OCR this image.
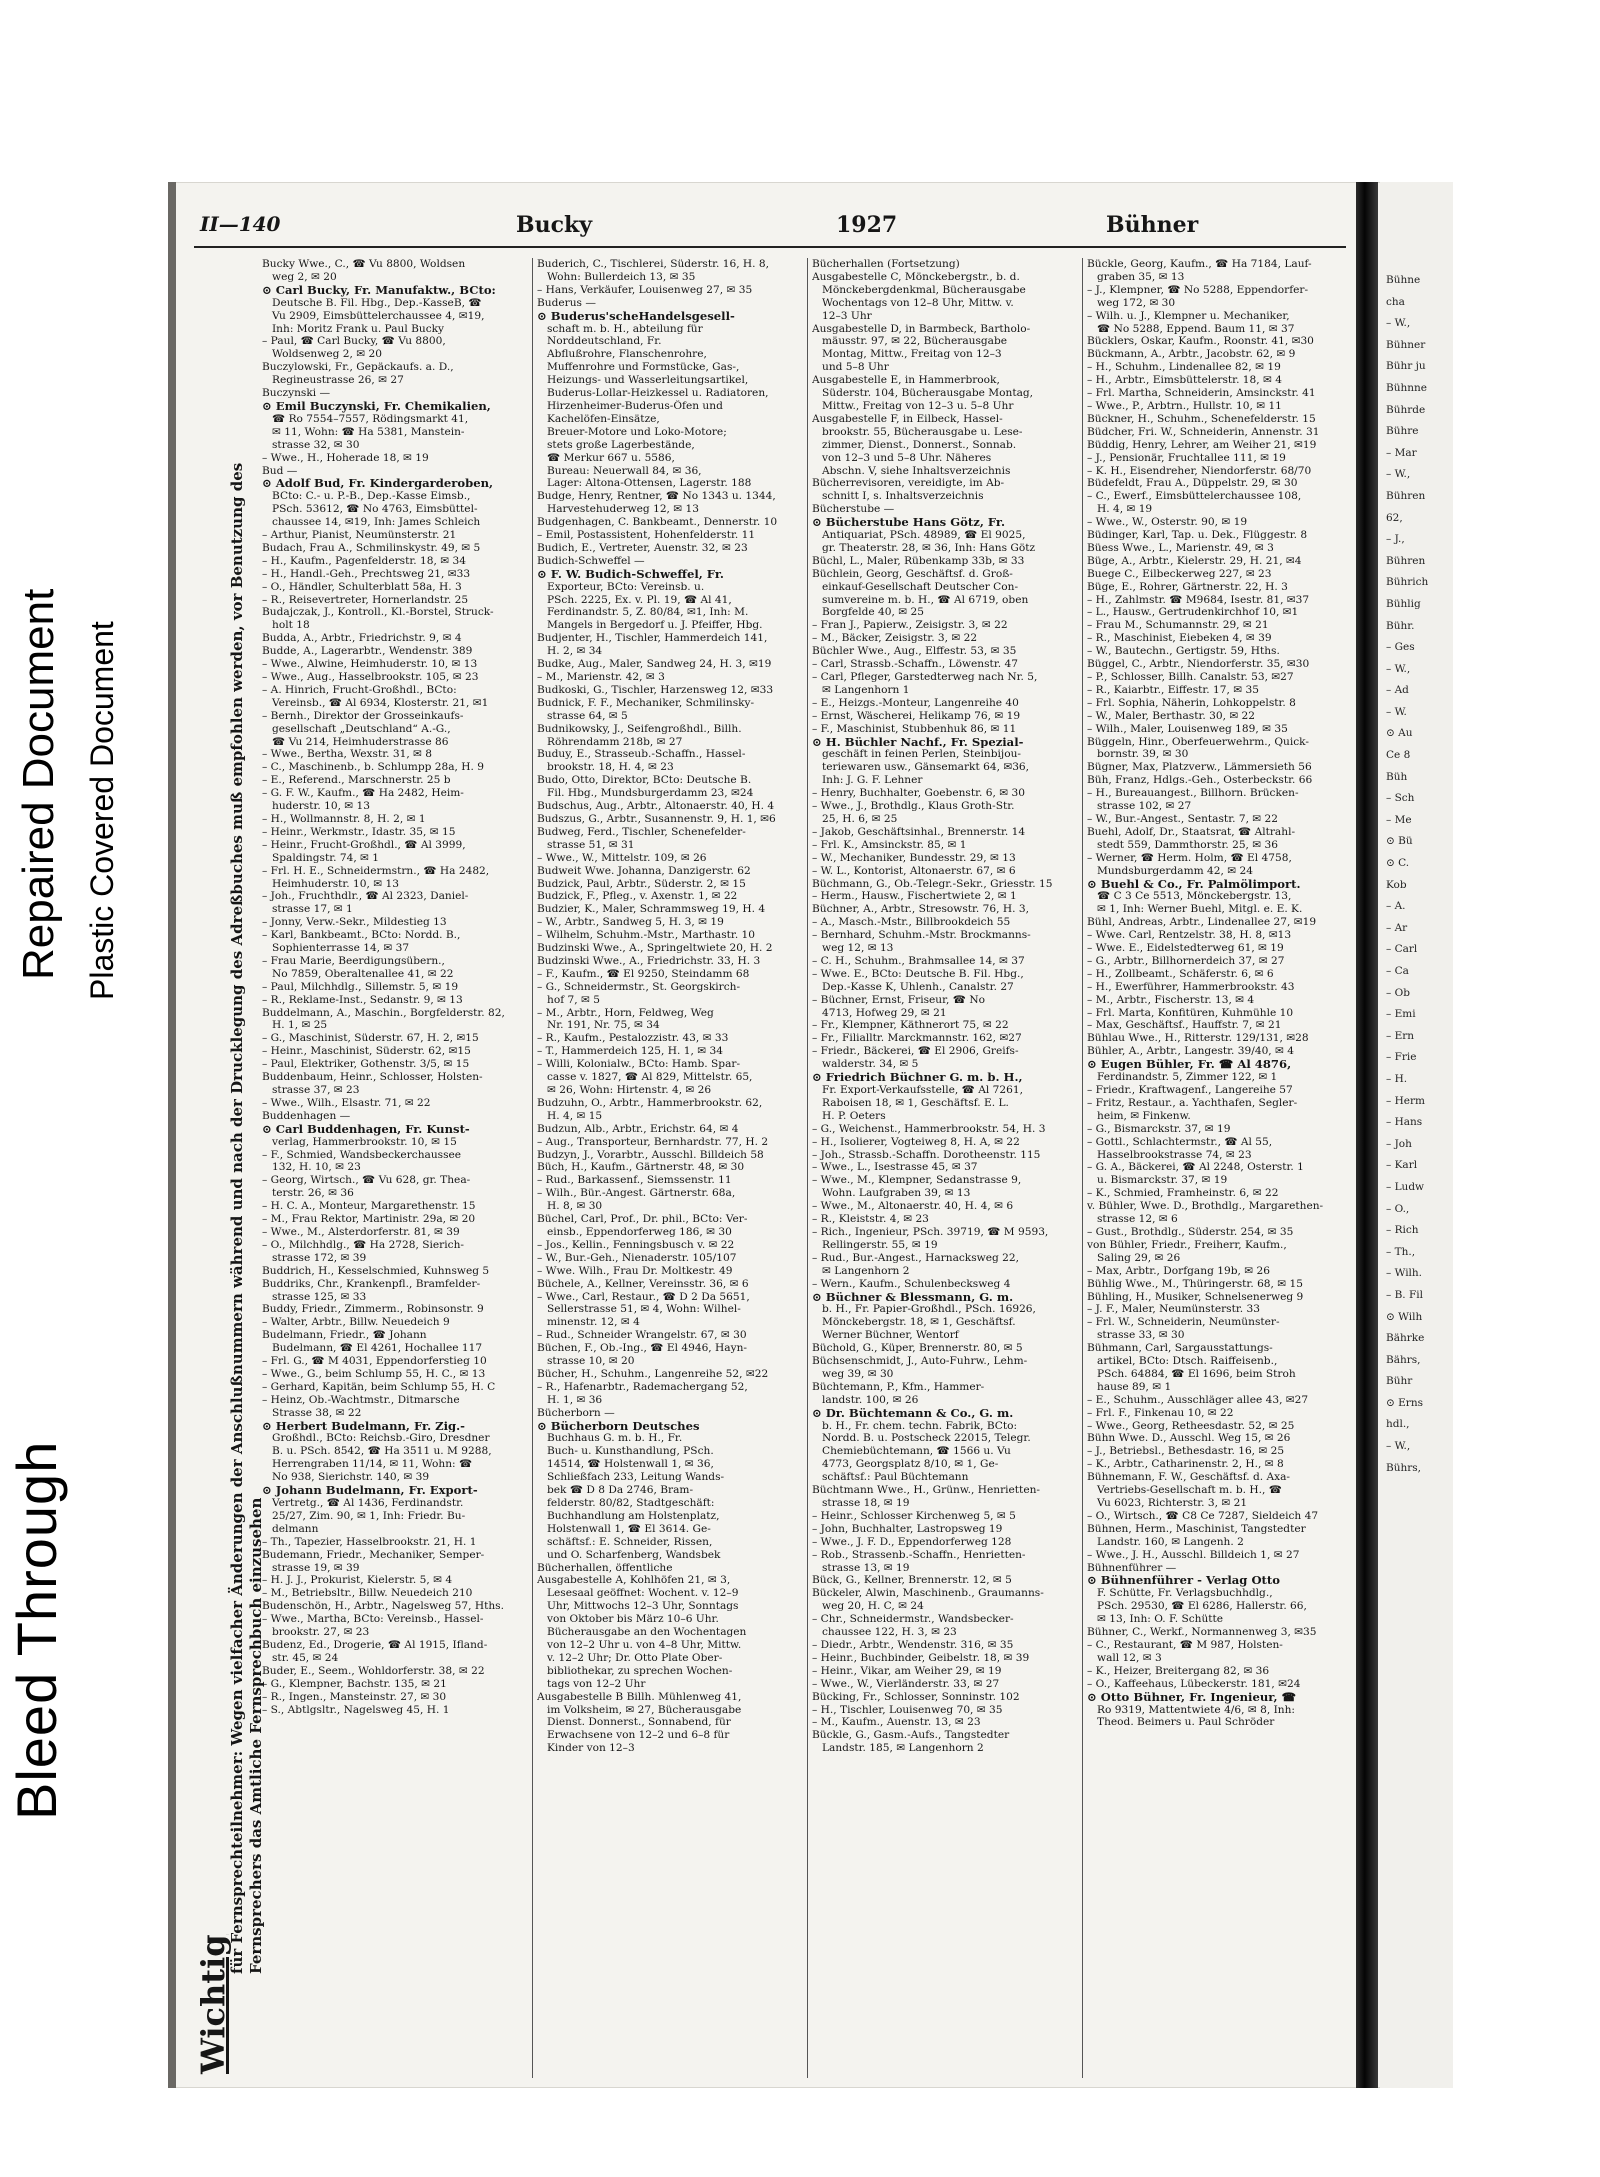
Bleed Through
Repaired Document Plastic Covered Document
II—140	Bucky	1927	Bühner
Wichtig
für Fernsprechteilnehmer: Wegen vielfacher Änderungen der Anschlußnummern während und nach der Drucklegung des Adreßbuches muß empfohlen werden, vor Benutzung des Fernsprechers das Amtliche Fernsprechbuch einzusehen
Bucky Wwe., C., ☎ Vu 8800, Woldsen
weg 2, ✉ 20
⊙ Carl Bucky, Fr. Manufaktw., BCto:
Deutsche B. Fil. Hbg., Dep.-KasseB, ☎
Vu 2909, Eimsbüttelerchaussee 4, ✉19,
Inh: Moritz Frank u. Paul Bucky
– Paul, ☎ Carl Bucky, ☎ Vu 8800,
Woldsenweg 2, ✉ 20
Buczylowski, Fr., Gepäckaufs. a. D.,
Regineustrasse 26, ✉ 27
Buczynski —
⊙ Emil Buczynski, Fr. Chemikalien,
☎ Ro 7554–7557, Rödingsmarkt 41,
✉ 11, Wohn: ☎ Ha 5381, Manstein-
strasse 32, ✉ 30
– Wwe., H., Hoherade 18, ✉ 19
Bud —
⊙ Adolf Bud, Fr. Kindergarderoben,
BCto: C.- u. P.-B., Dep.-Kasse Eimsb.,
PSch. 53612, ☎ No 4763, Eimsbüttel-
chaussee 14, ✉19, Inh: James Schleich
– Arthur, Pianist, Neumünsterstr. 21
Budach, Frau A., Schmilinskystr. 49, ✉ 5
– H., Kaufm., Pagenfelderstr. 18, ✉ 34
– H., Handl.-Geh., Prechtsweg 21, ✉33
– O., Händler, Schulterblatt 58a, H. 3
– R., Reisevertreter, Hornerlandstr. 25
Budajczak, J., Kontroll., Kl.-Borstel, Struck-
holt 18
Budda, A., Arbtr., Friedrichstr. 9, ✉ 4
Budde, A., Lagerarbtr., Wendenstr. 389
– Wwe., Alwine, Heimhuderstr. 10, ✉ 13
– Wwe., Aug., Hasselbrookstr. 105, ✉ 23
– A. Hinrich, Frucht-Großhdl., BCto:
Vereinsb., ☎ Al 6934, Klosterstr. 21, ✉1
– Bernh., Direktor der Grosseinkaufs-
gesellschaft „Deutschland“ A.-G.,
☎ Vu 214, Heimhuderstrasse 86
– Wwe., Bertha, Wexstr. 31, ✉ 8
– C., Maschinenb., b. Schlumpp 28a, H. 9
– E., Referend., Marschnerstr. 25 b
– G. F. W., Kaufm., ☎ Ha 2482, Heim-
huderstr. 10, ✉ 13
– H., Wollmannstr. 8, H. 2, ✉ 1
– Heinr., Werkmstr., Idastr. 35, ✉ 15
– Heinr., Frucht-Großhdl., ☎ Al 3999,
Spaldingstr. 74, ✉ 1
– Frl. H. E., Schneidermstrn., ☎ Ha 2482,
Heimhuderstr. 10, ✉ 13
– Joh., Fruchthdlr., ☎ Al 2323, Daniel-
strasse 17, ✉ 1
– Jonny, Verw.-Sekr., Mildestieg 13
– Karl, Bankbeamt., BCto: Nordd. B.,
Sophienterrasse 14, ✉ 37
– Frau Marie, Beerdigungsübern.,
No 7859, Oberaltenallee 41, ✉ 22
– Paul, Milchhdlg., Sillemstr. 5, ✉ 19
– R., Reklame-Inst., Sedanstr. 9, ✉ 13
Buddelmann, A., Maschin., Borgfelderstr. 82,
H. 1, ✉ 25
– G., Maschinist, Süderstr. 67, H. 2, ✉15
– Heinr., Maschinist, Süderstr. 62, ✉15
– Paul, Elektriker, Gothenstr. 3/5, ✉ 15
Buddenbaum, Heinr., Schlosser, Holsten-
strasse 37, ✉ 23
– Wwe., Wilh., Elsastr. 71, ✉ 22
Buddenhagen —
⊙ Carl Buddenhagen, Fr. Kunst-
verlag, Hammerbrookstr. 10, ✉ 15
– F., Schmied, Wandsbeckerchaussee
132, H. 10, ✉ 23
– Georg, Wirtsch., ☎ Vu 628, gr. Thea-
terstr. 26, ✉ 36
– H. C. A., Monteur, Margarethenstr. 15
– M., Frau Rektor, Martinistr. 29a, ✉ 20
– Wwe., M., Alsterdorferstr. 81, ✉ 39
– O., Milchhdlg., ☎ Ha 2728, Sierich-
strasse 172, ✉ 39
Buddrich, H., Kesselschmied, Kuhnsweg 5
Buddriks, Chr., Krankenpfl., Bramfelder-
strasse 125, ✉ 33
Buddy, Friedr., Zimmerm., Robinsonstr. 9
– Walter, Arbtr., Billw. Neuedeich 9
Budelmann, Friedr., ☎ Johann
Budelmann, ☎ El 4261, Hochallee 117
– Frl. G., ☎ M 4031, Eppendorferstieg 10
– Wwe., G., beim Schlump 55, H. C., ✉ 13
– Gerhard, Kapitän, beim Schlump 55, H. C
– Heinz, Ob.-Wachtmstr., Ditmarsche
Strasse 38, ✉ 22
⊙ Herbert Budelmann, Fr. Zig.-
Großhdl., BCto: Reichsb.-Giro, Dresdner
B. u. PSch. 8542, ☎ Ha 3511 u. M 9288,
Herrengraben 11/14, ✉ 11, Wohn: ☎
No 938, Sierichstr. 140, ✉ 39
⊙ Johann Budelmann, Fr. Export-
Vertretg., ☎ Al 1436, Ferdinandstr.
25/27, Zim. 90, ✉ 1, Inh: Friedr. Bu-
delmann
– Th., Tapezier, Hasselbrookstr. 21, H. 1
Budemann, Friedr., Mechaniker, Semper-
strasse 19, ✉ 39
– H. J. J., Prokurist, Kielerstr. 5, ✉ 4
– M., Betriebsltr., Billw. Neuedeich 210
Budenschön, H., Arbtr., Nagelsweg 57, Hths.
– Wwe., Martha, BCto: Vereinsb., Hassel-
brookstr. 27, ✉ 23
Budenz, Ed., Drogerie, ☎ Al 1915, Ifland-
str. 45, ✉ 24
Buder, E., Seem., Wohldorferstr. 38, ✉ 22
– G., Klempner, Bachstr. 135, ✉ 21
– R., Ingen., Mansteinstr. 27, ✉ 30
– S., Abtlgsltr., Nagelsweg 45, H. 1
Buderich, C., Tischlerei, Süderstr. 16, H. 8,
Wohn: Bullerdeich 13, ✉ 35
– Hans, Verkäufer, Louisenweg 27, ✉ 35
Buderus —
⊙ Buderus'scheHandelsgesell-
schaft m. b. H., abteilung für
Norddeutschland, Fr.
Abflußrohre, Flanschenrohre,
Muffenrohre und Formstücke, Gas-,
Heizungs- und Wasserleitungsartikel,
Buderus-Lollar-Heizkessel u. Radiatoren,
Hirzenheimer-Buderus-Öfen und
Kachelöfen-Einsätze,
Breuer-Motore und Loko-Motore;
stets große Lagerbestände,
☎ Merkur 667 u. 5586,
Bureau: Neuerwall 84, ✉ 36,
Lager: Altona-Ottensen, Lagerstr. 188
Budge, Henry, Rentner, ☎ No 1343 u. 1344,
Harvestehuderweg 12, ✉ 13
Budgenhagen, C. Bankbeamt., Dennerstr. 10
– Emil, Postassistent, Hohenfelderstr. 11
Budich, E., Vertreter, Auenstr. 32, ✉ 23
Budich-Schweffel —
⊙ F. W. Budich-Schweffel, Fr.
Exporteur, BCto: Vereinsb. u.
PSch. 2225, Ex. v. Pl. 19, ☎ Al 41,
Ferdinandstr. 5, Z. 80/84, ✉1, Inh: M.
Mangels in Bergedorf u. J. Pfeiffer, Hbg.
Budjenter, H., Tischler, Hammerdeich 141,
H. 2, ✉ 34
Budke, Aug., Maler, Sandweg 24, H. 3, ✉19
– M., Marienstr. 42, ✉ 3
Budkoski, G., Tischler, Harzensweg 12, ✉33
Budnick, F. F., Mechaniker, Schmilinsky-
strasse 64, ✉ 5
Budnikowsky, J., Seifengroßhdl., Billh.
Röhrendamm 218b, ✉ 27
Buduy, E., Strasseub.-Schaffn., Hassel-
brookstr. 18, H. 4, ✉ 23
Budo, Otto, Direktor, BCto: Deutsche B.
Fil. Hbg., Mundsburgerdamm 23, ✉24
Budschus, Aug., Arbtr., Altonaerstr. 40, H. 4
Budszus, G., Arbtr., Susannenstr. 9, H. 1, ✉6
Budweg, Ferd., Tischler, Schenefelder-
strasse 51, ✉ 31
– Wwe., W., Mittelstr. 109, ✉ 26
Budweit Wwe. Johanna, Danzigerstr. 62
Budzick, Paul, Arbtr., Süderstr. 2, ✉ 15
Budzick, F., Pfleg., v. Axenstr. 1, ✉ 22
Budzier, K., Maler, Schrammsweg 19, H. 4
– W., Arbtr., Sandweg 5, H. 3, ✉ 19
– Wilhelm, Schuhm.-Mstr., Marthastr. 10
Budzinski Wwe., A., Springeltwiete 20, H. 2
Budzinski Wwe., A., Friedrichstr. 33, H. 3
– F., Kaufm., ☎ El 9250, Steindamm 68
– G., Schneidermstr., St. Georgskirch-
hof 7, ✉ 5
– M., Arbtr., Horn, Feldweg, Weg
Nr. 191, Nr. 75, ✉ 34
– R., Kaufm., Pestalozzistr. 43, ✉ 33
– T., Hammerdeich 125, H. 1, ✉ 34
– Willi, Kolonialw., BCto: Hamb. Spar-
casse v. 1827, ☎ Al 829, Mittelstr. 65,
✉ 26, Wohn: Hirtenstr. 4, ✉ 26
Budzuhn, O., Arbtr., Hammerbrookstr. 62,
H. 4, ✉ 15
Budzun, Alb., Arbtr., Erichstr. 64, ✉ 4
– Aug., Transporteur, Bernhardstr. 77, H. 2
Budzyn, J., Vorarbtr., Ausschl. Billdeich 58
Büch, H., Kaufm., Gärtnerstr. 48, ✉ 30
– Rud., Barkassenf., Siemssenstr. 11
– Wilh., Bür.-Angest. Gärtnerstr. 68a,
H. 8, ✉ 30
Büchel, Carl, Prof., Dr. phil., BCto: Ver-
einsb., Eppendorferweg 186, ✉ 30
– Jos., Kellin., Fenningsbusch v. ✉ 22
– W., Bur.-Geh., Nienaderstr. 105/107
– Wwe. Wilh., Frau Dr. Moltkestr. 49
Büchele, A., Kellner, Vereinsstr. 36, ✉ 6
– Wwe., Carl, Restaur., ☎ D 2 Da 5651,
Sellerstrasse 51, ✉ 4, Wohn: Wilhel-
minenstr. 12, ✉ 4
– Rud., Schneider Wrangelstr. 67, ✉ 30
Büchen, F., Ob.-Ing., ☎ El 4946, Hayn-
strasse 10, ✉ 20
Bücher, H., Schuhm., Langenreihe 52, ✉22
– R., Hafenarbtr., Rademachergang 52,
H. 1, ✉ 36
Bücherborn —
⊙ Bücherborn Deutsches
Buchhaus G. m. b. H., Fr.
Buch- u. Kunsthandlung, PSch.
14514, ☎ Holstenwall 1, ✉ 36,
Schließfach 233, Leitung Wands-
bek ☎ D 8 Da 2746, Bram-
felderstr. 80/82, Stadtgeschäft:
Buchhandlung am Holstenplatz,
Holstenwall 1, ☎ El 3614. Ge-
schäftsf.: E. Schneider, Rissen,
und O. Scharfenberg, Wandsbek
Bücherhallen, öffentliche
Ausgabestelle A, Kohlhöfen 21, ✉ 3,
Lesesaal geöffnet: Wochent. v. 12–9
Uhr, Mittwochs 12–3 Uhr, Sonntags
von Oktober bis März 10–6 Uhr.
Bücherausgabe an den Wochentagen
von 12–2 Uhr u. von 4–8 Uhr, Mittw.
v. 12–2 Uhr; Dr. Otto Plate Ober-
bibliothekar, zu sprechen Wochen-
tags von 12–2 Uhr
Ausgabestelle B Billh. Mühlenweg 41,
im Volksheim, ✉ 27, Bücherausgabe
Dienst. Donnerst., Sonnabend, für
Erwachsene von 12–2 und 6–8 für
Kinder von 12–3
Bücherhallen (Fortsetzung)
Ausgabestelle C, Mönckebergstr., b. d.
Mönckebergdenkmal, Bücherausgabe
Wochentags von 12–8 Uhr, Mittw. v.
12–3 Uhr
Ausgabestelle D, in Barmbeck, Bartholo-
mäusstr. 97, ✉ 22, Bücherausgabe
Montag, Mittw., Freitag von 12–3
und 5–8 Uhr
Ausgabestelle E, in Hammerbrook,
Süderstr. 104, Bücherausgabe Montag,
Mittw., Freitag von 12–3 u. 5–8 Uhr
Ausgabestelle F, in Eilbeck, Hassel-
brookstr. 55, Bücherausgabe u. Lese-
zimmer, Dienst., Donnerst., Sonnab.
von 12–3 und 5–8 Uhr. Näheres
Abschn. V, siehe Inhaltsverzeichnis
Bücherrevisoren, vereidigte, im Ab-
schnitt I, s. Inhaltsverzeichnis
Bücherstube —
⊙ Bücherstube Hans Götz, Fr.
Antiquariat, PSch. 48989, ☎ El 9025,
gr. Theaterstr. 28, ✉ 36, Inh: Hans Götz
Büchl, L., Maler, Rübenkamp 33b, ✉ 33
Büchlein, Georg, Geschäftsf. d. Groß-
einkauf-Gesellschaft Deutscher Con-
sumvereine m. b. H., ☎ Al 6719, oben
Borgfelde 40, ✉ 25
– Fran J., Papierw., Zeisigstr. 3, ✉ 22
– M., Bäcker, Zeisigstr. 3, ✉ 22
Büchler Wwe., Aug., Elffestr. 53, ✉ 35
– Carl, Strassb.-Schaffn., Löwenstr. 47
– Carl, Pfleger, Garstedterweg nach Nr. 5,
✉ Langenhorn 1
– E., Heizgs.-Monteur, Langenreihe 40
– Ernst, Wäscherei, Helikamp 76, ✉ 19
– F., Maschinist, Stubbenhuk 86, ✉ 11
⊙ H. Büchler Nachf., Fr. Spezial-
geschäft in feinen Perlen, Steinbijou-
teriewaren usw., Gänsemarkt 64, ✉36,
Inh: J. G. F. Lehner
– Henry, Buchhalter, Goebenstr. 6, ✉ 30
– Wwe., J., Brothdlg., Klaus Groth-Str.
25, H. 6, ✉ 25
– Jakob, Geschäftsinhal., Brennerstr. 14
– Frl. K., Amsinckstr. 85, ✉ 1
– W., Mechaniker, Bundesstr. 29, ✉ 13
– W. L., Kontorist, Altonaerstr. 67, ✉ 6
Büchmann, G., Ob.-Telegr.-Sekr., Griesstr. 15
– Herm., Hausw., Fischertwiete 2, ✉ 1
Büchner, A., Arbtr., Stresowstr. 76, H. 3,
– A., Masch.-Mstr., Billbrookdeich 55
– Bernhard, Schuhm.-Mstr. Brockmanns-
weg 12, ✉ 13
– C. H., Schuhm., Brahmsallee 14, ✉ 37
– Wwe. E., BCto: Deutsche B. Fil. Hbg.,
Dep.-Kasse K, Uhlenh., Canalstr. 27
– Büchner, Ernst, Friseur, ☎ No
4713, Hofweg 29, ✉ 21
– Fr., Klempner, Käthnerort 75, ✉ 22
– Fr., Filialltr. Marckmannstr. 162, ✉27
– Friedr., Bäckerei, ☎ El 2906, Greifs-
walderstr. 34, ✉ 5
⊙ Friedrich Büchner G. m. b. H.,
Fr. Export-Verkaufsstelle, ☎ Al 7261,
Raboisen 18, ✉ 1, Geschäftsf. E. L.
H. P. Oeters
– G., Weichenst., Hammerbrookstr. 54, H. 3
– H., Isolierer, Vogteiweg 8, H. A, ✉ 22
– Joh., Strassb.-Schaffn. Dorotheenstr. 115
– Wwe., L., Isestrasse 45, ✉ 37
– Wwe., M., Klempner, Sedanstrasse 9,
Wohn. Laufgraben 39, ✉ 13
– Wwe., M., Altonaerstr. 40, H. 4, ✉ 6
– R., Kleiststr. 4, ✉ 23
– Rich., Ingenieur, PSch. 39719, ☎ M 9593,
Rellingerstr. 55, ✉ 19
– Rud., Bur.-Angest., Harnacksweg 22,
✉ Langenhorn 2
– Wern., Kaufm., Schulenbecksweg 4
⊙ Büchner & Blessmann, G. m.
b. H., Fr. Papier-Großhdl., PSch. 16926,
Mönckebergstr. 18, ✉ 1, Geschäftsf.
Werner Büchner, Wentorf
Büchold, G., Küper, Brennerstr. 80, ✉ 5
Büchsenschmidt, J., Auto-Fuhrw., Lehm-
weg 39, ✉ 30
Büchtemann, P., Kfm., Hammer-
landstr. 100, ✉ 26
⊙ Dr. Büchtemann & Co., G. m.
b. H., Fr. chem. techn. Fabrik, BCto:
Nordd. B. u. Postscheck 22015, Telegr.
Chemiebüchtemann, ☎ 1566 u. Vu
4773, Georgsplatz 8/10, ✉ 1, Ge-
schäftsf.: Paul Büchtemann
Büchtmann Wwe., H., Grünw., Henrietten-
strasse 18, ✉ 19
– Heinr., Schlosser Kirchenweg 5, ✉ 5
– John, Buchhalter, Lastropsweg 19
– Wwe., J. F. D., Eppendorferweg 128
– Rob., Strassenb.-Schaffn., Henrietten-
strasse 13, ✉ 19
Bück, G., Kellner, Brennerstr. 12, ✉ 5
Bückeler, Alwin, Maschinenb., Graumanns-
weg 20, H. C, ✉ 24
– Chr., Schneidermstr., Wandsbecker-
chaussee 122, H. 3, ✉ 23
– Diedr., Arbtr., Wendenstr. 316, ✉ 35
– Heinr., Buchbinder, Geibelstr. 18, ✉ 39
– Heinr., Vikar, am Weiher 29, ✉ 19
– Wwe., W., Vierländerstr. 33, ✉ 27
Bücking, Fr., Schlosser, Sonninstr. 102
– H., Tischler, Louisenweg 70, ✉ 35
– M., Kaufm., Auenstr. 13, ✉ 23
Bückle, G., Gasm.-Aufs., Tangstedter
Landstr. 185, ✉ Langenhorn 2
Bückle, Georg, Kaufm., ☎ Ha 7184, Lauf-
graben 35, ✉ 13
– J., Klempner, ☎ No 5288, Eppendorfer-
weg 172, ✉ 30
– Wilh. u. J., Klempner u. Mechaniker,
☎ No 5288, Eppend. Baum 11, ✉ 37
Bücklers, Oskar, Kaufm., Roonstr. 41, ✉30
Bückmann, A., Arbtr., Jacobstr. 62, ✉ 9
– H., Schuhm., Lindenallee 82, ✉ 19
– H., Arbtr., Eimsbüttelerstr. 18, ✉ 4
– Frl. Martha, Schneiderin, Amsinckstr. 41
– Wwe., P., Arbtrn., Hullstr. 10, ✉ 11
Bückner, H., Schuhm., Schenefelderstr. 15
Büdcher, Fri. W., Schneiderin, Annenstr. 31
Büddig, Henry, Lehrer, am Weiher 21, ✉19
– J., Pensionär, Fruchtallee 111, ✉ 19
– K. H., Eisendreher, Niendorferstr. 68/70
Büdefeldt, Frau A., Düppelstr. 29, ✉ 30
– C., Ewerf., Eimsbüttelerchaussee 108,
H. 4, ✉ 19
– Wwe., W., Osterstr. 90, ✉ 19
Büdinger, Karl, Tap. u. Dek., Flüggestr. 8
Büess Wwe., L., Marienstr. 49, ✉ 3
Büge, A., Arbtr., Kielerstr. 29, H. 21, ✉4
Buege C., Eilbeckerweg 227, ✉ 23
Büge, E., Rohrer, Gärtnerstr. 22, H. 3
– H., Zahlmstr. ☎ M9684, Isestr. 81, ✉37
– L., Hausw., Gertrudenkirchhof 10, ✉1
– Frau M., Schumannstr. 29, ✉ 21
– R., Maschinist, Eiebeken 4, ✉ 39
– W., Bautechn., Gertigstr. 59, Hths.
Büggel, C., Arbtr., Niendorferstr. 35, ✉30
– P., Schlosser, Billh. Canalstr. 53, ✉27
– R., Kaiarbtr., Eiffestr. 17, ✉ 35
– Frl. Sophia, Näherin, Lohkoppelstr. 8
– W., Maler, Berthastr. 30, ✉ 22
– Wilh., Maler, Louisenweg 189, ✉ 35
Büggeln, Hinr., Oberfeuerwehrm., Quick-
bornstr. 39, ✉ 30
Bügner, Max, Platzverw., Lämmersieth 56
Büh, Franz, Hdlgs.-Geh., Osterbeckstr. 66
– H., Bureauangest., Billhorn. Brücken-
strasse 102, ✉ 27
– W., Bur.-Angest., Sentastr. 7, ✉ 22
Buehl, Adolf, Dr., Staatsrat, ☎ Altrahl-
stedt 559, Dammthorstr. 25, ✉ 36
– Werner, ☎ Herm. Holm, ☎ El 4758,
Mundsburgerdamm 42, ✉ 24
⊙ Buehl & Co., Fr. Palmölimport.
☎ C 3 Ce 5513, Mönckebergstr. 13,
✉ 1, Inh: Werner Buehl, Mitgl. e. E. K.
Bühl, Andreas, Arbtr., Lindenallee 27, ✉19
– Wwe. Carl, Rentzelstr. 38, H. 8, ✉13
– Wwe. E., Eidelstedterweg 61, ✉ 19
– G., Arbtr., Billhornerdeich 37, ✉ 27
– H., Zollbeamt., Schäferstr. 6, ✉ 6
– H., Ewerführer, Hammerbrookstr. 43
– M., Arbtr., Fischerstr. 13, ✉ 4
– Frl. Marta, Konfitüren, Kuhmühle 10
– Max, Geschäftsf., Hauffstr. 7, ✉ 21
Bühlau Wwe., H., Ritterstr. 129/131, ✉28
Bühler, A., Arbtr., Langestr. 39/40, ✉ 4
⊙ Eugen Bühler, Fr. ☎ Al 4876,
Ferdinandstr. 5, Zimmer 122, ✉ 1
– Friedr., Kraftwagenf., Langereihe 57
– Fritz, Restaur., a. Yachthafen, Segler-
heim, ✉ Finkenw.
– G., Bismarckstr. 37, ✉ 19
– Gottl., Schlachtermstr., ☎ Al 55,
Hasselbrookstrasse 74, ✉ 23
– G. A., Bäckerei, ☎ Al 2248, Osterstr. 1
u. Bismarckstr. 37, ✉ 19
– K., Schmied, Framheinstr. 6, ✉ 22
v. Bühler, Wwe. D., Brothdlg., Margarethen-
strasse 12, ✉ 6
– Gust., Brothdlg., Süderstr. 254, ✉ 35
von Bühler, Friedr., Freiherr, Kaufm.,
Saling 29, ✉ 26
– Max, Arbtr., Dorfgang 19b, ✉ 26
Bühlig Wwe., M., Thüringerstr. 68, ✉ 15
Bühling, H., Musiker, Schnelsenerweg 9
– J. F., Maler, Neumünsterstr. 33
– Frl. W., Schneiderin, Neumünster-
strasse 33, ✉ 30
Bühmann, Carl, Sargausstattungs-
artikel, BCto: Dtsch. Raiffeisenb.,
PSch. 64884, ☎ El 1696, beim Stroh
hause 89, ✉ 1
– E., Schuhm., Ausschläger allee 43, ✉27
– Frl. F., Finkenau 10, ✉ 22
– Wwe., Georg, Retheesdastr. 52, ✉ 25
Bühn Wwe. D., Ausschl. Weg 15, ✉ 26
– J., Betriebsl., Bethesdastr. 16, ✉ 25
– K., Arbtr., Catharinenstr. 2, H., ✉ 8
Bühnemann, F. W., Geschäftsf. d. Axa-
Vertriebs-Gesellschaft m. b. H., ☎
Vu 6023, Richterstr. 3, ✉ 21
– O., Wirtsch., ☎ C8 Ce 7287, Sieldeich 47
Bühnen, Herm., Maschinist, Tangstedter
Landstr. 160, ✉ Langenh. 2
– Wwe., J. H., Ausschl. Billdeich 1, ✉ 27
Bühnenführer —
⊙ Bühnenführer - Verlag Otto
F. Schütte, Fr. Verlagsbuchhdlg.,
PSch. 29530, ☎ El 6286, Hallerstr. 66,
✉ 13, Inh: O. F. Schütte
Bühner, C., Werkf., Normannenweg 3, ✉35
– C., Restaurant, ☎ M 987, Holsten-
wall 12, ✉ 3
– K., Heizer, Breitergang 82, ✉ 36
– O., Kaffeehaus, Lübeckerstr. 181, ✉24
⊙ Otto Bühner, Fr. Ingenieur, ☎
Ro 9319, Mattentwiete 4/6, ✉ 8, Inh:
Theod. Beimers u. Paul Schröder
Bühne
cha
– W.,
Bühner
Bühr ju
Bühnne
Bührde
Bühre
– Mar
– W.,
Bühren
62,
– J.,
Bühren
Bührich
Bühlig
Bühr.
– Ges
– W.,
– Ad
– W.
⊙ Au
Ce 8
Büh
– Sch
– Me
⊙ Bü
⊙ C.
Kob
– A.
– Ar
– Carl
– Ca
– Ob
– Emi
– Ern
– Frie
– H.
– Herm
– Hans
– Joh
– Karl
– Ludw
– O.,
– Rich
– Th.,
– Wilh.
– B. Fil
⊙ Wilh
Bährke
Bährs,
Bühr
⊙ Erns
hdl.,
– W.,
Bührs,
